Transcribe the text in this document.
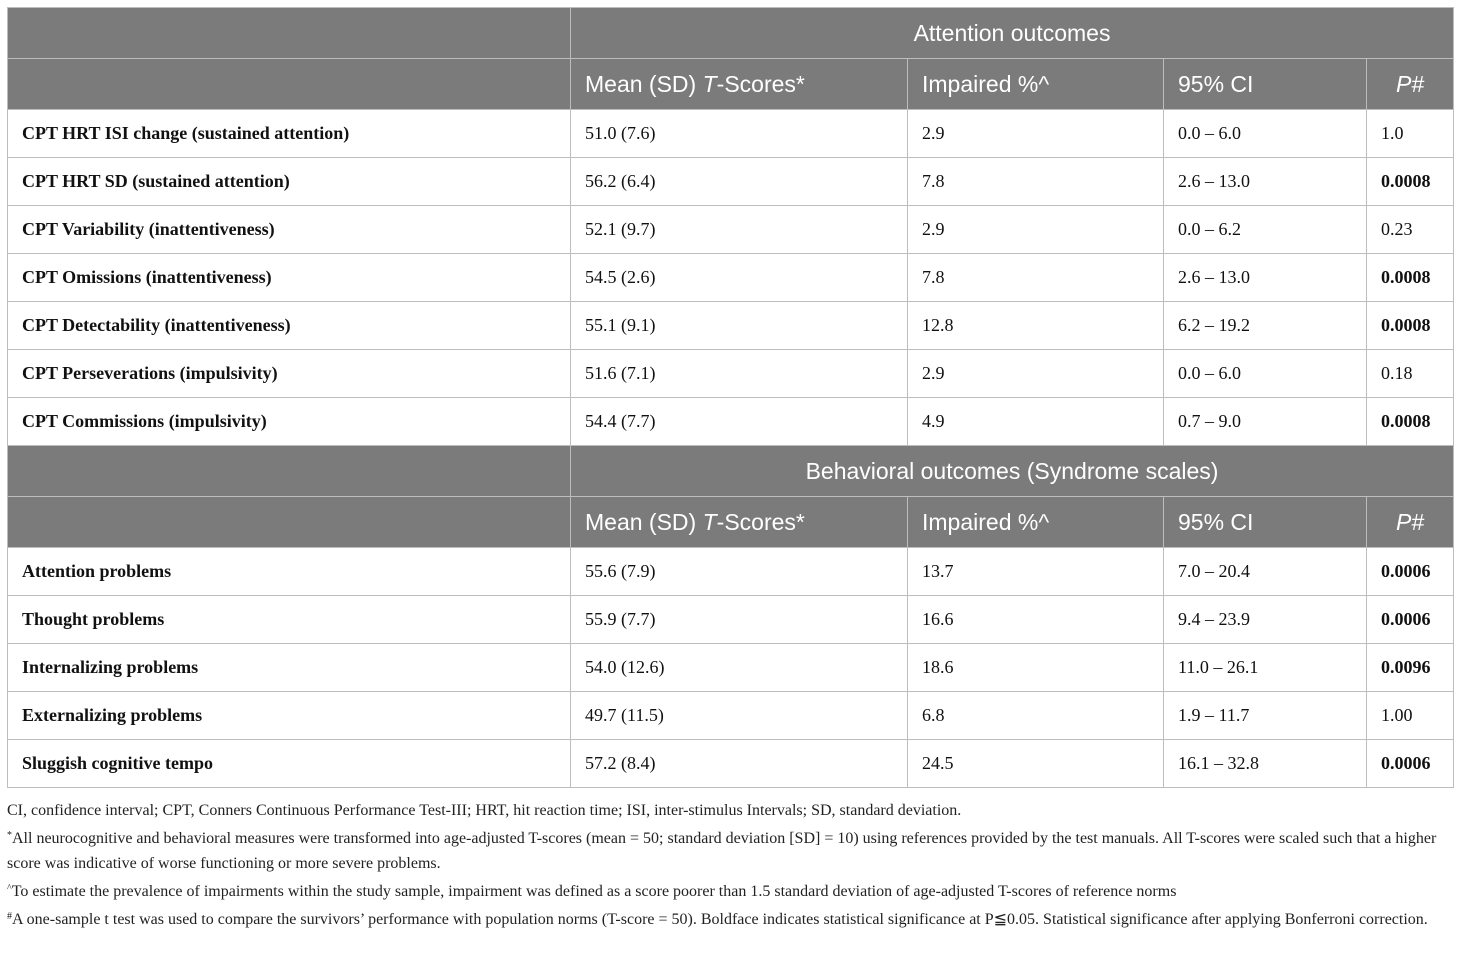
	Attention outcomes			
	Mean (SD) T-Scores*	Impaired %^	95% CI	P#
CPT HRT ISI change (sustained attention)	51.0 (7.6)	2.9	0.0 – 6.0	1.0
CPT HRT SD (sustained attention)	56.2 (6.4)	7.8	2.6 – 13.0	0.0008
CPT Variability (inattentiveness)	52.1 (9.7)	2.9	0.0 – 6.2	0.23
CPT Omissions (inattentiveness)	54.5 (2.6)	7.8	2.6 – 13.0	0.0008
CPT Detectability (inattentiveness)	55.1 (9.1)	12.8	6.2 – 19.2	0.0008
CPT Perseverations (impulsivity)	51.6 (7.1)	2.9	0.0 – 6.0	0.18
CPT Commissions (impulsivity)	54.4 (7.7)	4.9	0.7 – 9.0	0.0008
	Behavioral outcomes (Syndrome scales)			
	Mean (SD) T-Scores*	Impaired %^	95% CI	P#
Attention problems	55.6 (7.9)	13.7	7.0 – 20.4	0.0006
Thought problems	55.9 (7.7)	16.6	9.4 – 23.9	0.0006
Internalizing problems	54.0 (12.6)	18.6	11.0 – 26.1	0.0096
Externalizing problems	49.7 (11.5)	6.8	1.9 – 11.7	1.00
Sluggish cognitive tempo	57.2 (8.4)	24.5	16.1 – 32.8	0.0006

CI, confidence interval; CPT, Conners Continuous Performance Test-III; HRT, hit reaction time; ISI, inter-stimulus Intervals; SD, standard deviation.

*All neurocognitive and behavioral measures were transformed into age-adjusted T-scores (mean = 50; standard deviation [SD] = 10) using references provided by the test manuals. All T-scores were scaled such that a higher score was indicative of worse functioning or more severe problems.

^To estimate the prevalence of impairments within the study sample, impairment was defined as a score poorer than 1.5 standard deviation of age-adjusted T-scores of reference norms

#A one-sample t test was used to compare the survivors’ performance with population norms (T-score = 50). Boldface indicates statistical significance at P≦0.05. Statistical significance after applying Bonferroni correction.
